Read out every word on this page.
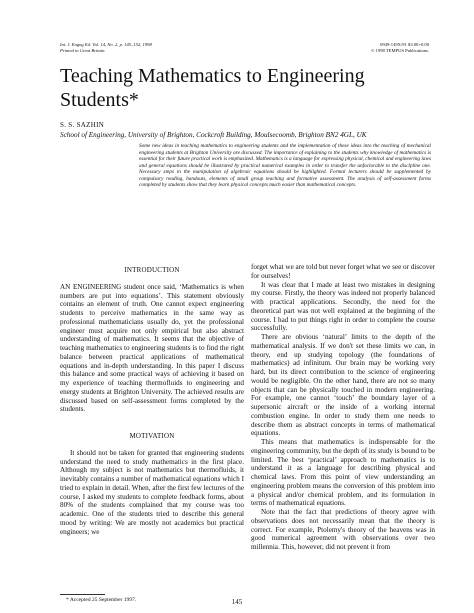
Int. J. Engng Ed. Vol. 14, No. 2, p. 145–152, 1998
Printed in Great Britain.
0949-149X/91 $3.00+0.00
© 1998 TEMPUS Publications.
Teaching Mathematics to Engineering Students*
S. S. SAZHIN
School of Engineering, University of Brighton, Cockcroft Building, Moulsecoomb, Brighton BN2 4GL, UK
Some new ideas in teaching mathematics to engineering students and the implementation of these ideas into the teaching of mechanical engineering students at Brighton University are discussed. The importance of explaining to the students why knowledge of mathematics is essential for their future practical work is emphasized. Mathematics is a language for expressing physical, chemical and engineering laws and general equations should be illustrated by practical numerical examples in order to transfer the unfaclorable to the disclpline one. Necessary steps in the manipulation of algebraic equations should be highlighted. Formal lecturers should be supplemented by compulsory reading, handouts, elements of small group teaching and formative assessment. The analysis of self-assessment forms completed by students show that they learn physical concepts much easier than mathematical concepts.
INTRODUCTION

AN ENGINEERING student once said, ‘Mathematics is when numbers are put into equations’. This statement obviously contains an element of truth. One cannot expect engineering students to perceive mathematics in the same way as professional mathematicians usually do, yet the professional engineer must acquire not only empirical but also abstract understanding of mathematics. It seems that the objective of teaching mathematics to engineering students is to find the right balance between practical applications of mathematical equations and in-depth understanding. In this paper I discuss this balance and some practical ways of achieving it based on my experience of teaching thermofluids to engineering and energy students at Brighton University. The achieved results are discussed based on self-assessment forms completed by the students.

MOTIVATION

It should not be taken for granted that engineering students understand the need to study mathematics in the first place. Although my subject is not mathematics but thermofluids, it inevitably contains a number of mathematical equations which I tried to explain in detail. When, after the first few lectures of the course, I asked my students to complete feedback forms, about 80% of the students complained that my course was too academic. One of the students tried to describe this general mood by writing: We are mostly not academics but practical engineers; we

forget what we are told but never forget what we see or discover for ourselves!

It was clear that I made at least two mistakes in designing my course. Firstly, the theory was indeed not properly balanced with practical applications. Secondly, the need for the theoretical part was not well explained at the beginning of the course. I had to put things right in order to complete the course successfully.

There are obvious ‘natural’ limits to the depth of the mathematical analysis. If we don't set these limits we can, in theory, end up studying topology (the foundations of mathematics) ad infinitum. Our brain may be working very hard, but its direct contribution to the science of engineering would be negligible. On the other hand, there are not so many objects that can be physically touched in modern engineering. For example, one cannot ‘touch’ the boundary layer of a supersonic aircraft or the inside of a working internal combustion engine. In order to study them one needs to describe them as abstract concepts in terms of mathematical equations.

This means that mathematics is indispensable for the engineering community, but the depth of its study is bound to be limited. The best ‘practical’ approach to mathematics is to understand it as a language for describing physical and chemical laws. From this point of view understanding an engineering problem means the conversion of this problem into a physical and/or chemical problem, and its formulation in terms of mathematical equations.

Note that the fact that predictions of theory agree with observations does not necessarily mean that the theory is correct. For example, Ptolemy's theory of the heavens was in good numerical agreement with observations over two millennia. This, however, did not prevent it from

* Accepted 25 September 1997.	145
